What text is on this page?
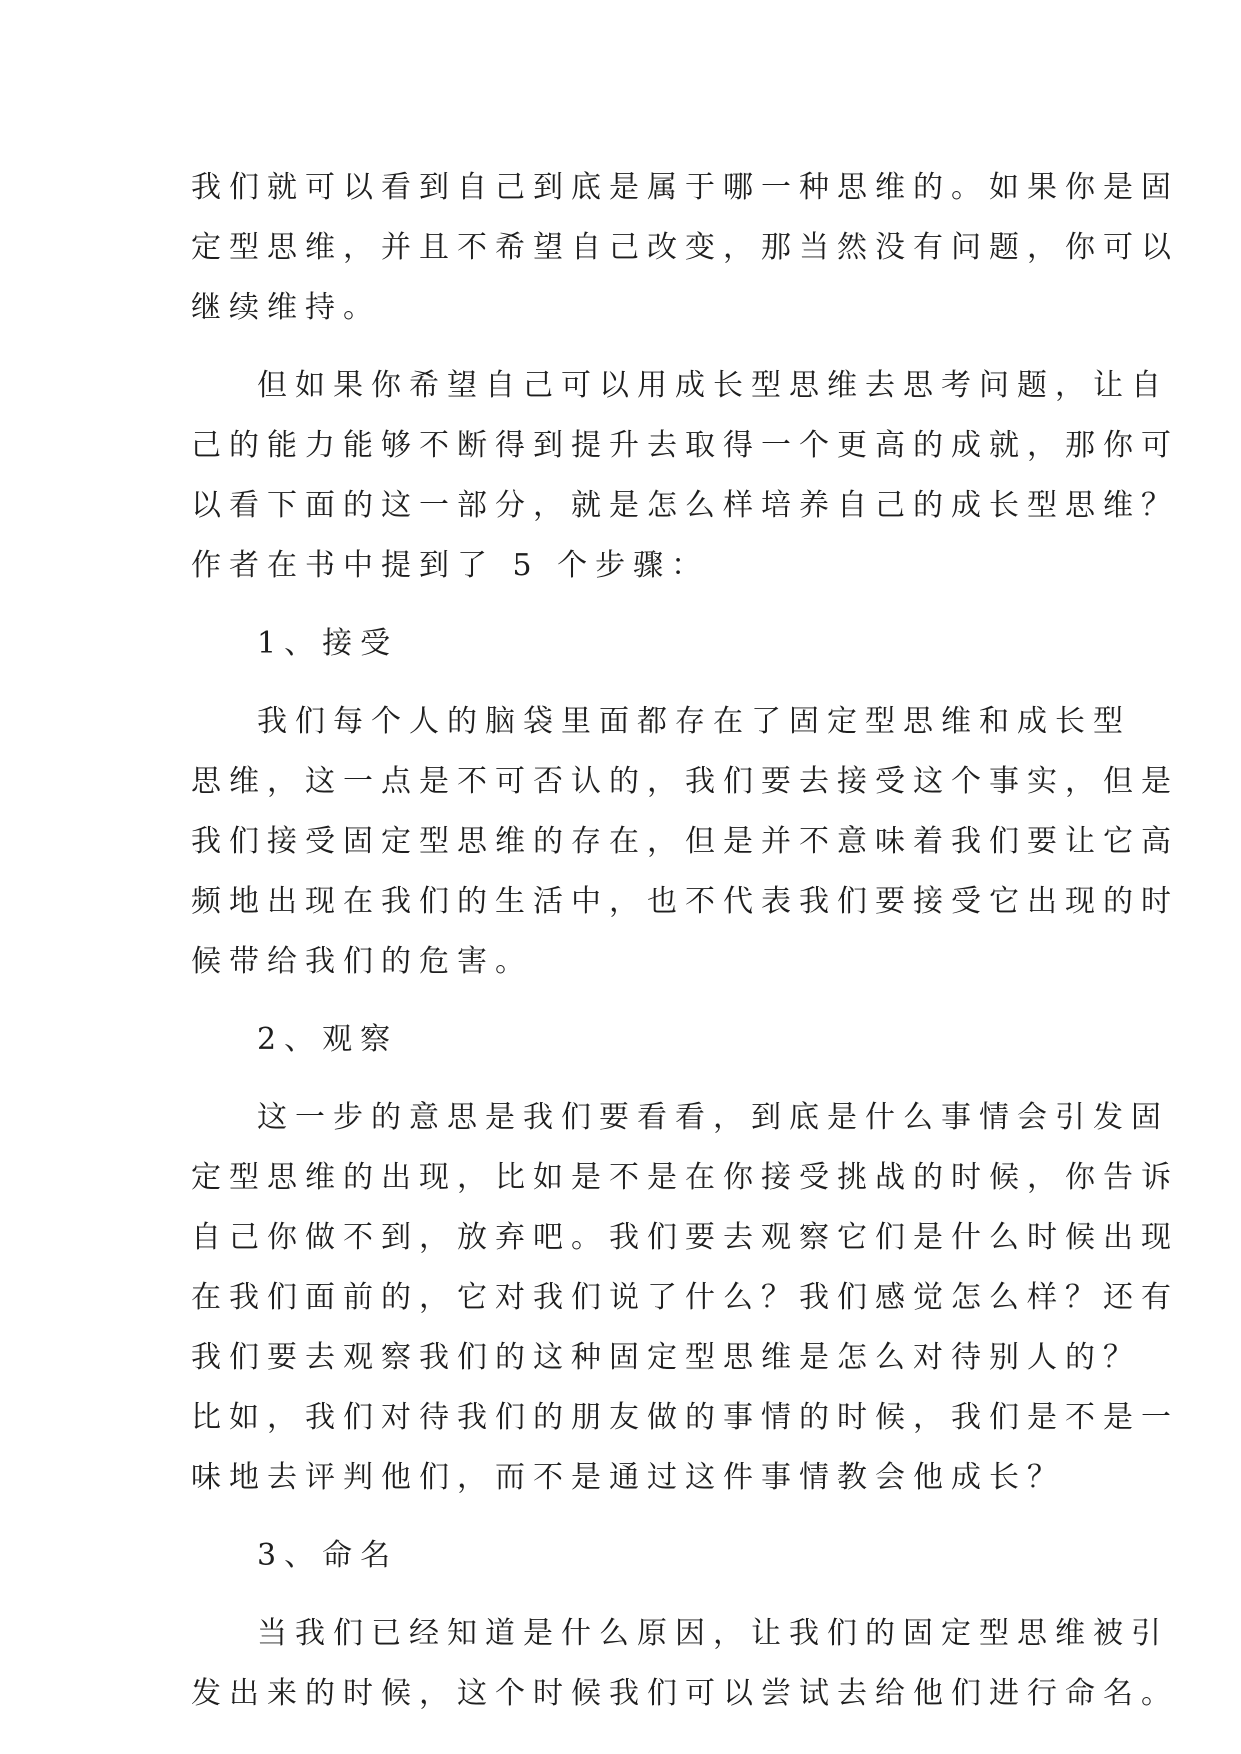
我们就可以看到自己到底是属于哪一种思维的。如果你是固
定型思维，并且不希望自己改变，那当然没有问题，你可以
继续维持。
但如果你希望自己可以用成长型思维去思考问题，让自
己的能力能够不断得到提升去取得一个更高的成就，那你可
以看下面的这一部分，就是怎么样培养自己的成长型思维？
作者在书中提到了 5 个步骤：
1、接受
我们每个人的脑袋里面都存在了固定型思维和成长型
思维，这一点是不可否认的，我们要去接受这个事实，但是
我们接受固定型思维的存在，但是并不意味着我们要让它高
频地出现在我们的生活中，也不代表我们要接受它出现的时
候带给我们的危害。
2、观察
这一步的意思是我们要看看，到底是什么事情会引发固
定型思维的出现，比如是不是在你接受挑战的时候，你告诉
自己你做不到，放弃吧。我们要去观察它们是什么时候出现
在我们面前的，它对我们说了什么？我们感觉怎么样？还有
我们要去观察我们的这种固定型思维是怎么对待别人的？
比如，我们对待我们的朋友做的事情的时候，我们是不是一
味地去评判他们，而不是通过这件事情教会他成长？
3、命名
当我们已经知道是什么原因，让我们的固定型思维被引
发出来的时候，这个时候我们可以尝试去给他们进行命名。
